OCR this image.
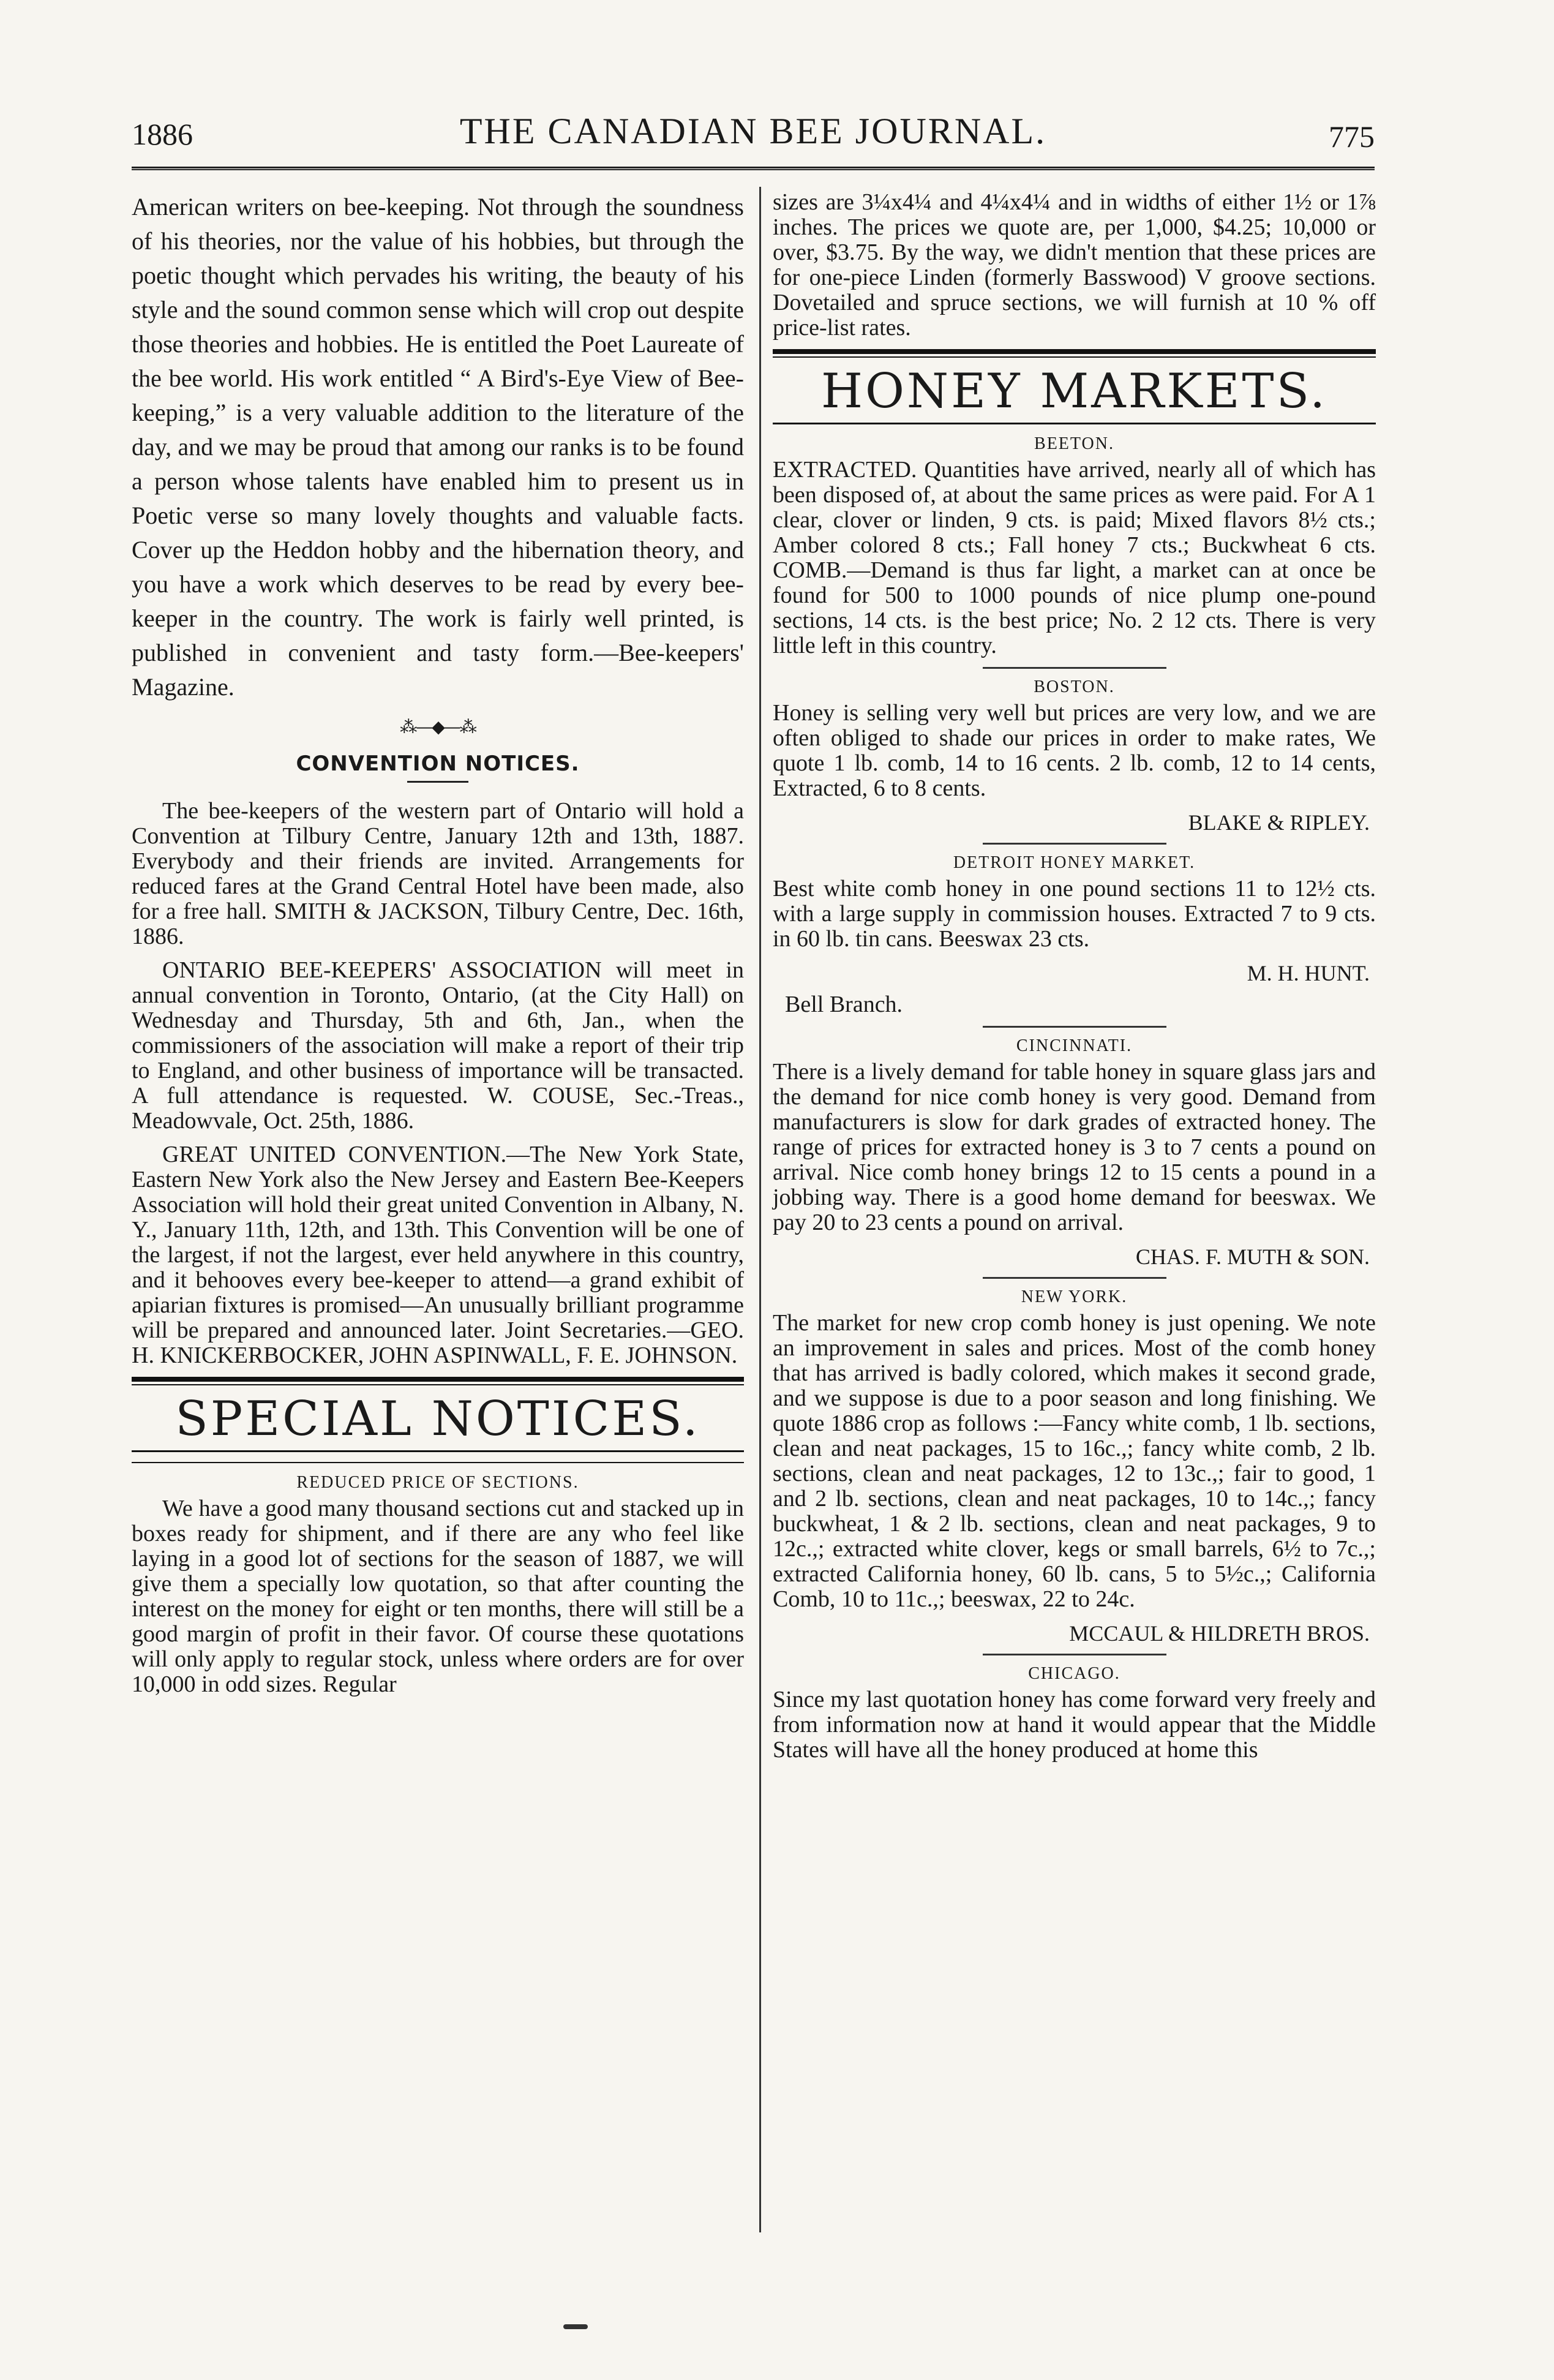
1886	THE CANADIAN BEE JOURNAL.	775

American writers on bee-keeping. Not through the soundness of his theories, nor the value of his hobbies, but through the poetic thought which pervades his writing, the beauty of his style and the sound common sense which will crop out despite those theories and hobbies. He is entitled the Poet Laureate of the bee world. His work entitled “ A Bird's-Eye View of Bee-keeping,” is a very valuable addition to the literature of the day, and we may be proud that among our ranks is to be found a person whose talents have enabled him to present us in Poetic verse so many lovely thoughts and valuable facts. Cover up the Heddon hobby and the hibernation theory, and you have a work which deserves to be read by every bee-keeper in the country. The work is fairly well printed, is published in convenient and tasty form.—Bee-keepers' Magazine.

⁂—◆—⁂
CONVENTION NOTICES.

The bee-keepers of the western part of Ontario will hold a Convention at Tilbury Centre, January 12th and 13th, 1887. Everybody and their friends are invited. Arrangements for reduced fares at the Grand Central Hotel have been made, also for a free hall. SMITH & JACKSON, Tilbury Centre, Dec. 16th, 1886.

ONTARIO BEE-KEEPERS' ASSOCIATION will meet in annual convention in Toronto, Ontario, (at the City Hall) on Wednesday and Thursday, 5th and 6th, Jan., when the commissioners of the association will make a report of their trip to England, and other business of importance will be transacted. A full attendance is requested. W. COUSE, Sec.-Treas., Meadowvale, Oct. 25th, 1886.

GREAT UNITED CONVENTION.—The New York State, Eastern New York also the New Jersey and Eastern Bee-Keepers Association will hold their great united Convention in Albany, N. Y., January 11th, 12th, and 13th. This Convention will be one of the largest, if not the largest, ever held anywhere in this country, and it behooves every bee-keeper to attend—a grand exhibit of apiarian fixtures is promised—An unusually brilliant programme will be prepared and announced later. Joint Secretaries.—GEO. H. KNICKERBOCKER, JOHN ASPINWALL, F. E. JOHNSON.

SPECIAL NOTICES.
REDUCED PRICE OF SECTIONS.

We have a good many thousand sections cut and stacked up in boxes ready for shipment, and if there are any who feel like laying in a good lot of sections for the season of 1887, we will give them a specially low quotation, so that after counting the interest on the money for eight or ten months, there will still be a good margin of profit in their favor. Of course these quotations will only apply to regular stock, unless where orders are for over 10,000 in odd sizes. Regular

sizes are 3¼x4¼ and 4¼x4¼ and in widths of either 1½ or 1⅞ inches. The prices we quote are, per 1,000, $4.25; 10,000 or over, $3.75. By the way, we didn't mention that these prices are for one-piece Linden (formerly Basswood) V groove sections. Dovetailed and spruce sections, we will furnish at 10 % off price-list rates.

HONEY MARKETS.
BEETON.

EXTRACTED. Quantities have arrived, nearly all of which has been disposed of, at about the same prices as were paid. For A 1 clear, clover or linden, 9 cts. is paid; Mixed flavors 8½ cts.; Amber colored 8 cts.; Fall honey 7 cts.; Buckwheat 6 cts. COMB.—Demand is thus far light, a market can at once be found for 500 to 1000 pounds of nice plump one-pound sections, 14 cts. is the best price; No. 2 12 cts. There is very little left in this country.

BOSTON.

Honey is selling very well but prices are very low, and we are often obliged to shade our prices in order to make rates, We quote 1 lb. comb, 14 to 16 cents. 2 lb. comb, 12 to 14 cents, Extracted, 6 to 8 cents.

BLAKE & RIPLEY.
DETROIT HONEY MARKET.

Best white comb honey in one pound sections 11 to 12½ cts. with a large supply in commission houses. Extracted 7 to 9 cts. in 60 lb. tin cans. Beeswax 23 cts.

M. H. HUNT.

Bell Branch.

CINCINNATI.

There is a lively demand for table honey in square glass jars and the demand for nice comb honey is very good. Demand from manufacturers is slow for dark grades of extracted honey. The range of prices for extracted honey is 3 to 7 cents a pound on arrival. Nice comb honey brings 12 to 15 cents a pound in a jobbing way. There is a good home demand for beeswax. We pay 20 to 23 cents a pound on arrival.

CHAS. F. MUTH & SON.
NEW YORK.

The market for new crop comb honey is just opening. We note an improvement in sales and prices. Most of the comb honey that has arrived is badly colored, which makes it second grade, and we suppose is due to a poor season and long finishing. We quote 1886 crop as follows :—Fancy white comb, 1 lb. sections, clean and neat packages, 15 to 16c.,; fancy white comb, 2 lb. sections, clean and neat packages, 12 to 13c.,; fair to good, 1 and 2 lb. sections, clean and neat packages, 10 to 14c.,; fancy buckwheat, 1 & 2 lb. sections, clean and neat packages, 9 to 12c.,; extracted white clover, kegs or small barrels, 6½ to 7c.,; extracted California honey, 60 lb. cans, 5 to 5½c.,; California Comb, 10 to 11c.,; beeswax, 22 to 24c.

MCCAUL & HILDRETH BROS.
CHICAGO.

Since my last quotation honey has come forward very freely and from information now at hand it would appear that the Middle States will have all the honey produced at home this
